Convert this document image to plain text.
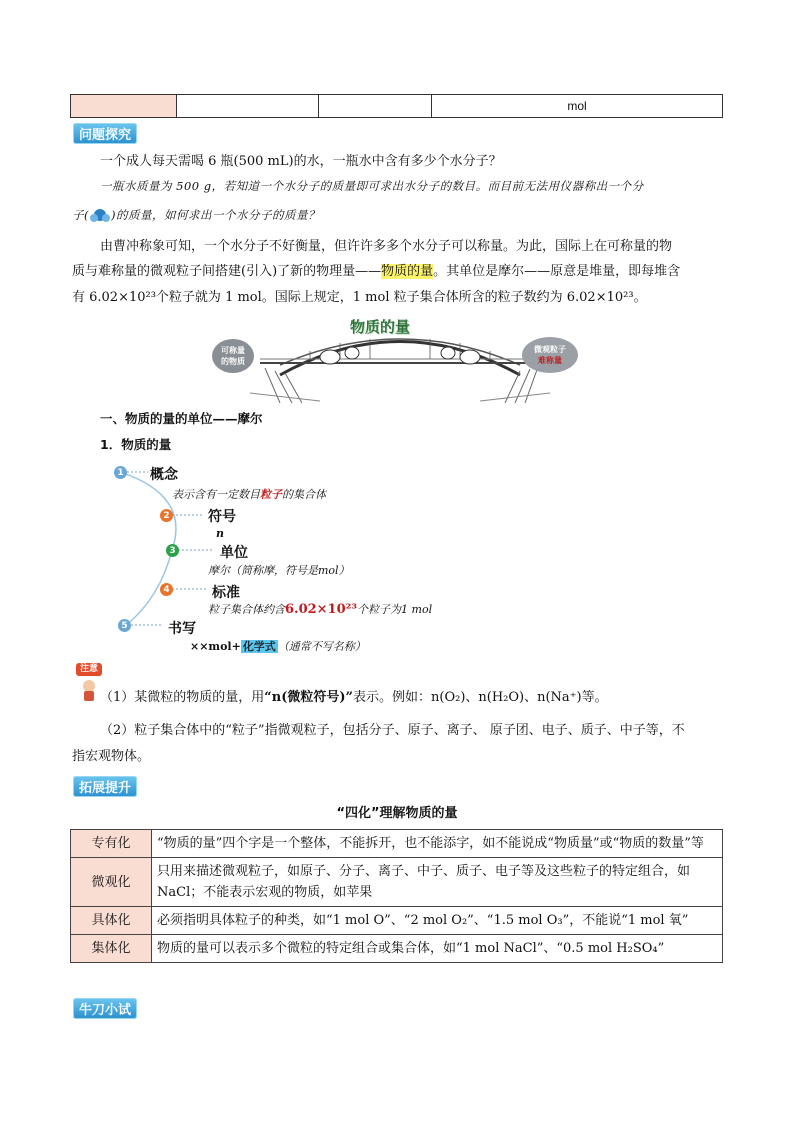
mol
问题探究
一个成人每天需喝 6 瓶(500 mL)的水，一瓶水中含有多少个水分子？
一瓶水质量为 500 g，若知道一个水分子的质量即可求出水分子的数目。而目前无法用仪器称出一个分
子( )的质量，如何求出一个水分子的质量？
由曹冲称象可知，一个水分子不好衡量，但许许多多个水分子可以称量。为此，国际上在可称量的物
质与难称量的微观粒子间搭建(引入)了新的物理量——物质的量。其单位是摩尔——原意是堆量，即每堆含
有 6.02×10²³个粒子就为 1 mol。国际上规定，1 mol 粒子集合体所含的粒子数约为 6.02×10²³。
物质的量
可称量
的物质
微观粒子
难称量
一、物质的量的单位——摩尔
1．物质的量
1
2
3
4
5
概念
表示含有一定数目粒子的集合体
符号
n
单位
摩尔（简称摩，符号是mol）
标准
粒子集合体约含6.02×10²³个粒子为1 mol
书写
××mol+ 化学式 （通常不写名称）
注意
（1）某微粒的物质的量，用“n(微粒符号)”表示。例如：n(O₂)、n(H₂O)、n(Na⁺)等。
（2）粒子集合体中的“粒子”指微观粒子，包括分子、原子、离子、 原子团、电子、质子、中子等，不
指宏观物体。
拓展提升
“四化”理解物质的量
专有化	“物质的量”四个字是一个整体，不能拆开，也不能添字，如不能说成“物质量”或“物质的数量”等
微观化	只用来描述微观粒子，如原子、分子、离子、中子、质子、电子等及这些粒子的特定组合，如NaCl；不能表示宏观的物质，如苹果
具体化	必须指明具体粒子的种类，如“1 mol O”、“2 mol O₂”、“1.5 mol O₃”，不能说“1 mol 氧”
集体化	物质的量可以表示多个微粒的特定组合或集合体，如“1 mol NaCl”、“0.5 mol H₂SO₄”
牛刀小试
